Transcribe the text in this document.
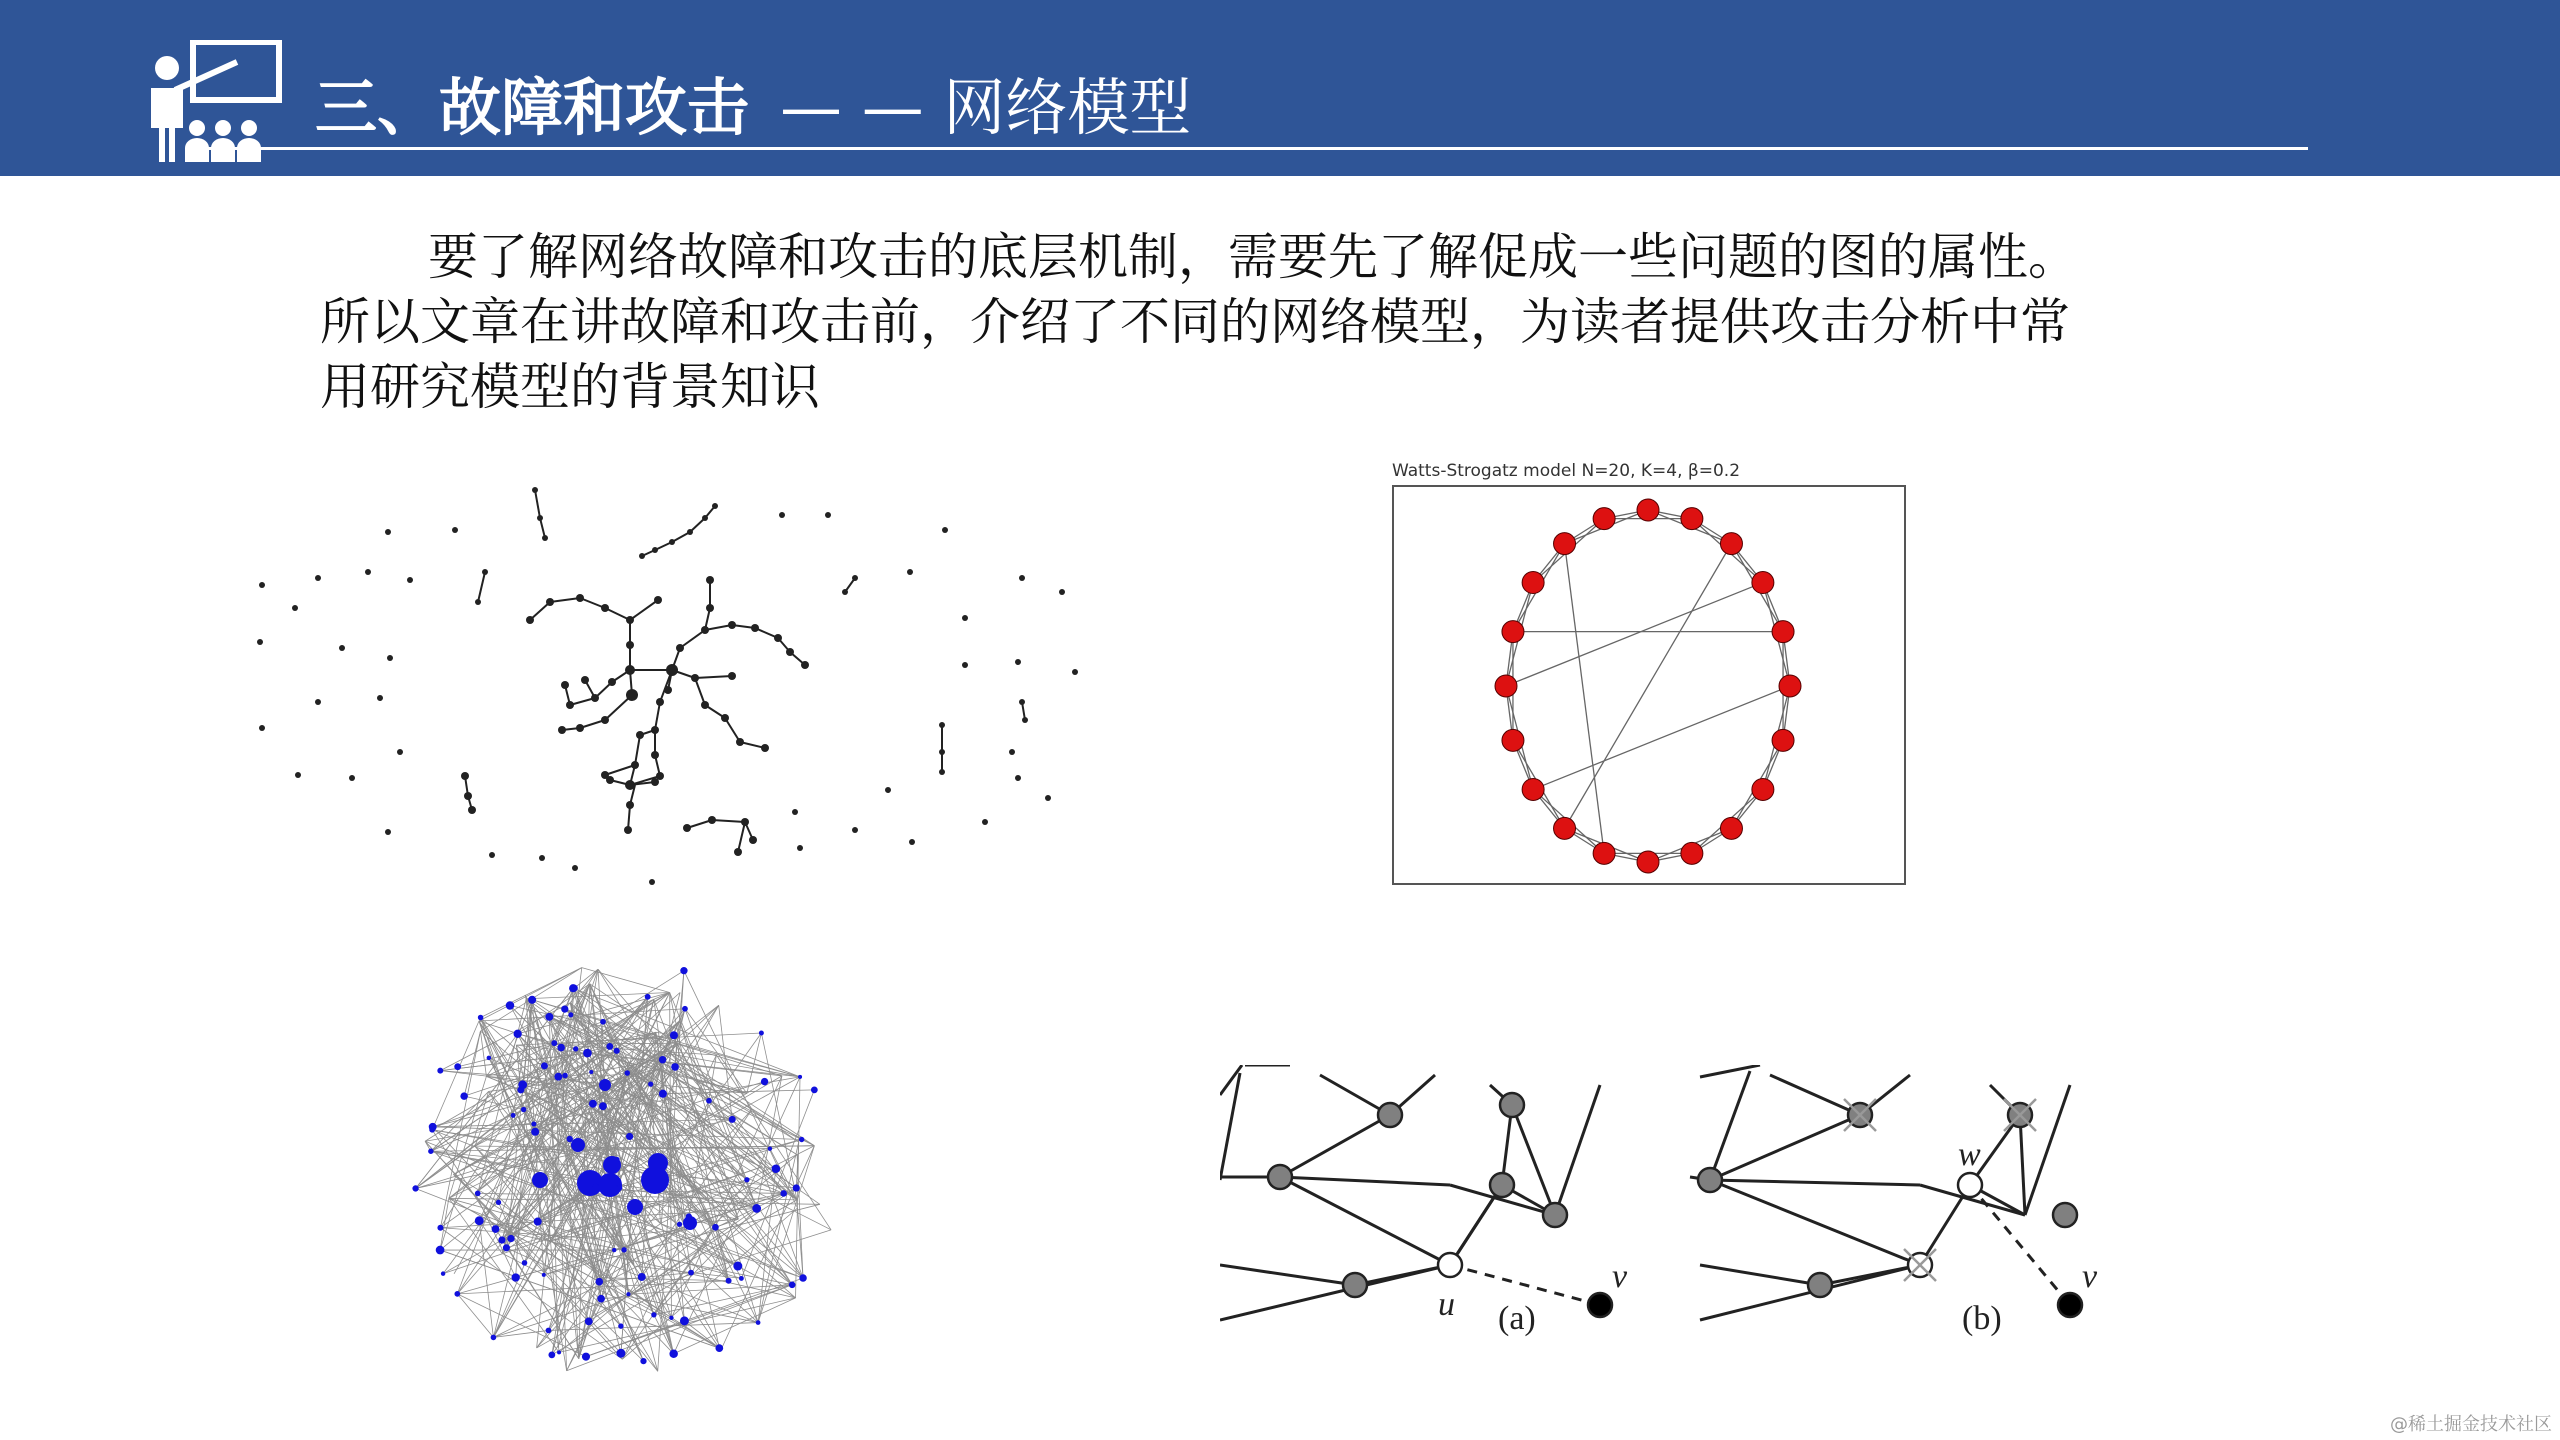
三、故障和攻击 — — 网络模型
要了解网络故障和攻击的底层机制，需要先了解促成一些问题的图的属性。
所以文章在讲故障和攻击前，介绍了不同的网络模型，为读者提供攻击分析中常
用研究模型的背景知识
Watts-Strogatz model N=20, K=4, β=0.2
u
v
w
v
(a)	(b)
@稀土掘金技术社区
